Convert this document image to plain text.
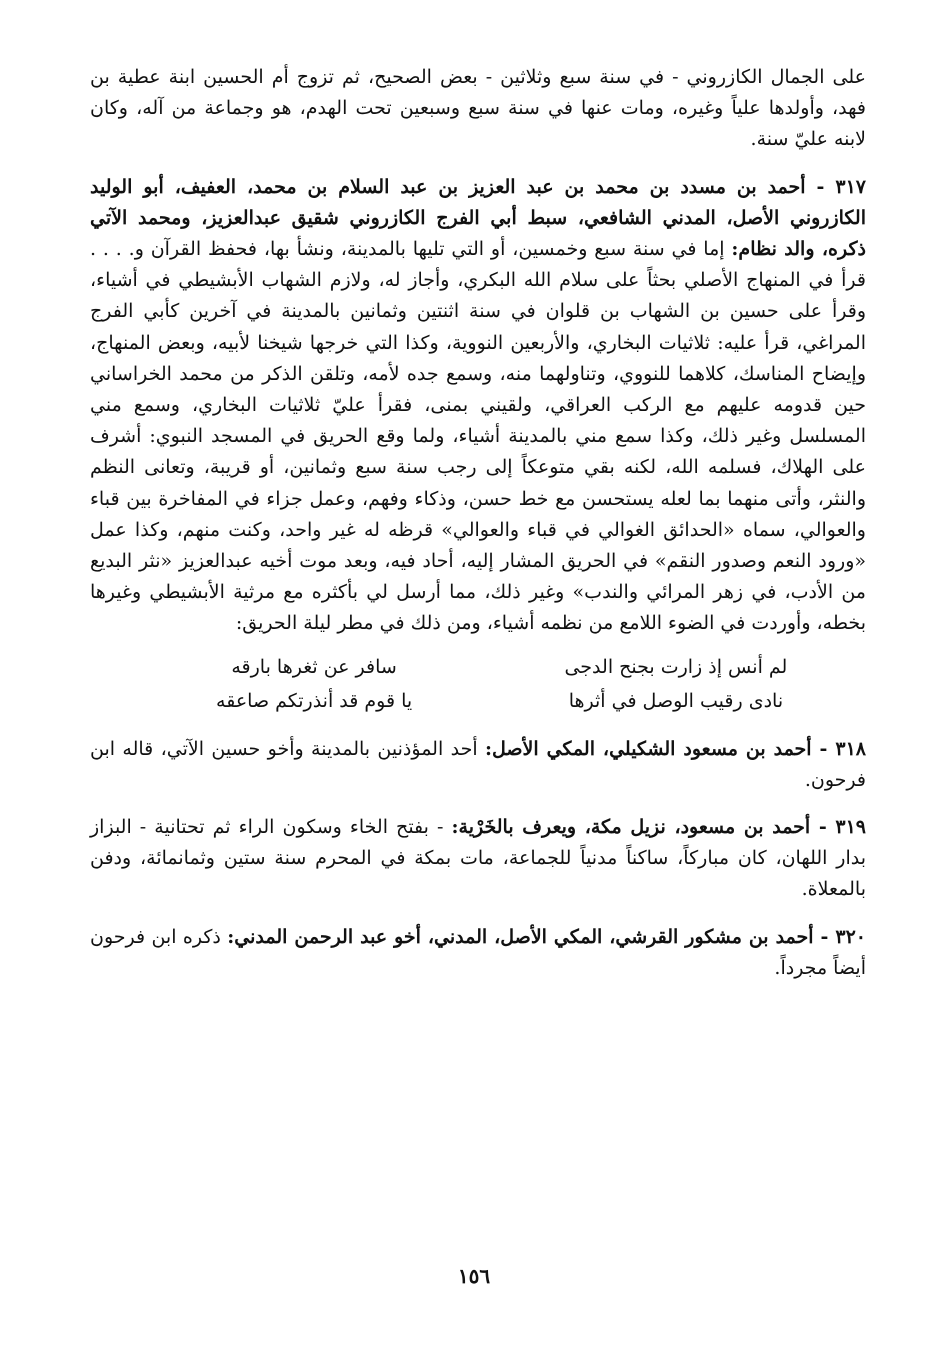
على الجمال الكازروني - في سنة سبع وثلاثين - بعض الصحيح، ثم تزوج أم الحسين ابنة عطية بن فهد، وأولدها علياً وغيره، ومات عنها في سنة سبع وسبعين تحت الهدم، هو وجماعة من آله، وكان لابنه عليّ سنة.

٣١٧ - أحمد بن مسدد بن محمد بن عبد العزيز بن عبد السلام بن محمد، العفيف، أبو الوليد الكازروني الأصل، المدني الشافعي، سبط أبي الفرج الكازروني شقيق عبدالعزيز، ومحمد الآتي ذكره، والد نظام: إما في سنة سبع وخمسين، أو التي تليها بالمدينة، ونشأ بها، فحفظ القرآن و. . . . قرأ في المنهاج الأصلي بحثاً على سلام الله البكري، وأجاز له، ولازم الشهاب الأبشيطي في أشياء، وقرأ على حسين بن الشهاب بن قلوان في سنة اثنتين وثمانين بالمدينة في آخرين كأبي الفرج المراغي، قرأ عليه: ثلاثيات البخاري، والأربعين النووية، وكذا التي خرجها شيخنا لأبيه، وبعض المنهاج، وإيضاح المناسك، كلاهما للنووي، وتناولهما منه، وسمع جده لأمه، وتلقن الذكر من محمد الخراساني حين قدومه عليهم مع الركب العراقي، ولقيني بمنى، فقرأ عليّ ثلاثيات البخاري، وسمع مني المسلسل وغير ذلك، وكذا سمع مني بالمدينة أشياء، ولما وقع الحريق في المسجد النبوي: أشرف على الهلاك، فسلمه الله، لكنه بقي متوعكاً إلى رجب سنة سبع وثمانين، أو قريبة، وتعانى النظم والنثر، وأتى منهما بما لعله يستحسن مع خط حسن، وذكاء وفهم، وعمل جزاء في المفاخرة بين قباء والعوالي، سماه «الحدائق الغوالي في قباء والعوالي» قرظه له غير واحد، وكنت منهم، وكذا عمل «ورود النعم وصدور النقم» في الحريق المشار إليه، أحاد فيه، وبعد موت أخيه عبدالعزيز «نثر البديع من الأدب، في زهر المرائي والندب» وغير ذلك، مما أرسل لي بأكثره مع مرثية الأبشيطي وغيرها بخطه، وأوردت في الضوء اللامع من نظمه أشياء، ومن ذلك في مطر ليلة الحريق:

لم أنس إذ زارت بجنح الدجى
سافر عن ثغرها بارقه
نادى رقيب الوصل في أثرها
يا قوم قد أنذرتكم صاعقه

٣١٨ - أحمد بن مسعود الشكيلي، المكي الأصل: أحد المؤذنين بالمدينة وأخو حسين الآتي، قاله ابن فرحون.

٣١٩ - أحمد بن مسعود، نزيل مكة، ويعرف بالخَرْية: - بفتح الخاء وسكون الراء ثم تحتانية - البزاز بدار اللهان، كان مباركاً، ساكناً مدنياً للجماعة، مات بمكة في المحرم سنة ستين وثمانمائة، ودفن بالمعلاة.

٣٢٠ - أحمد بن مشكور القرشي، المكي الأصل، المدني، أخو عبد الرحمن المدني: ذكره ابن فرحون أيضاً مجرداً.

١٥٦
